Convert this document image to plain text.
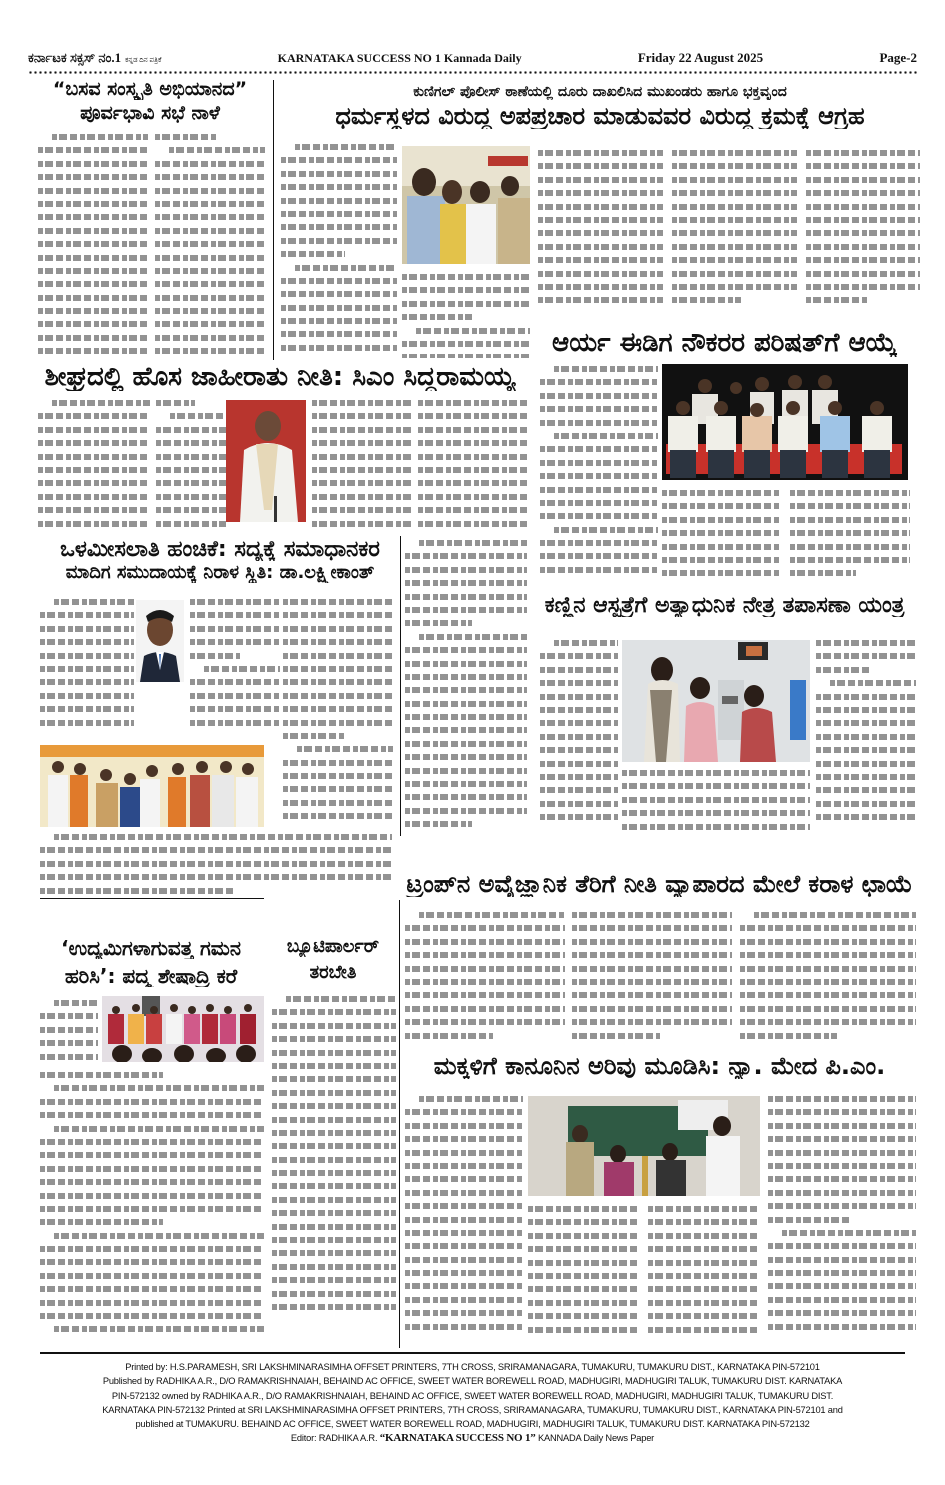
ಕರ್ನಾಟಕ ಸಕ್ಸಸ್ ನಂ.1 ಕನ್ನಡ ದಿನ ಪತ್ರಿಕೆ	KARNATAKA SUCCESS NO 1 Kannada Daily	Friday 22 August 2025	Page-2
“ಬಸವ ಸಂಸ್ಕೃತಿ ಅಭಿಯಾನದ”
ಪೂರ್ವಭಾವಿ ಸಭೆ ನಾಳೆ
ಕುಣಿಗಲ್ ಪೊಲೀಸ್ ಠಾಣೆಯಲ್ಲಿ ದೂರು ದಾಖಲಿಸಿದ ಮುಖಂಡರು ಹಾಗೂ ಭಕ್ತವೃಂದ
ಧರ್ಮಸ್ಥಳದ ವಿರುದ್ಧ ಅಪಪ್ರಚಾರ ಮಾಡುವವರ ವಿರುದ್ಧ ಕ್ರಮಕ್ಕೆ ಆಗ್ರಹ
ಶೀಘ್ರದಲ್ಲಿ ಹೊಸ ಜಾಹೀರಾತು ನೀತಿ: ಸಿಎಂ ಸಿದ್ದರಾಮಯ್ಯ
ಆರ್ಯ ಈಡಿಗ ನೌಕರರ ಪರಿಷತ್‌ಗೆ ಆಯ್ಕೆ
ಒಳಮೀಸಲಾತಿ ಹಂಚಿಕೆ: ಸದ್ಯಕ್ಕೆ ಸಮಾಧಾನಕರ
ಮಾದಿಗ ಸಮುದಾಯಕ್ಕೆ ನಿರಾಳ ಸ್ಥಿತಿ: ಡಾ.ಲಕ್ಷ್ಮೀಕಾಂತ್
ಕಣ್ಣಿನ ಆಸ್ಪತ್ರೆಗೆ ಅತ್ಯಾಧುನಿಕ ನೇತ್ರ ತಪಾಸಣಾ ಯಂತ್ರ
ಟ್ರಂಪ್‌ನ ಅವೈಜ್ಞಾನಿಕ ತೆರಿಗೆ ನೀತಿ ವ್ಯಾಪಾರದ ಮೇಲೆ ಕರಾಳ ಛಾಯೆ
‘ಉದ್ಯಮಿಗಳಾಗುವತ್ತ ಗಮನ
ಹರಿಸಿ’: ಪದ್ಮ ಶೇಷಾದ್ರಿ ಕರೆ
ಬ್ಯೂಟಿಪಾರ್ಲರ್
ತರಬೇತಿ
ಮಕ್ಕಳಿಗೆ ಕಾನೂನಿನ ಅರಿವು ಮೂಡಿಸಿ: ನ್ಯಾ. ಮೇದ ಪಿ.ಎಂ.
Printed by: H.S.PARAMESH, SRI LAKSHMINARASIMHA OFFSET PRINTERS, 7TH CROSS, SRIRAMANAGARA, TUMAKURU, TUMAKURU DIST., KARNATAKA PIN-572101
Published by RADHIKA A.R., D/O RAMAKRISHNAIAH, BEHAIND AC OFFICE, SWEET WATER BOREWELL ROAD, MADHUGIRI, MADHUGIRI TALUK, TUMAKURU DIST. KARNATAKA
PIN-572132 owned by RADHIKA A.R., D/O RAMAKRISHNAIAH, BEHAIND AC OFFICE, SWEET WATER BOREWELL ROAD, MADHUGIRI, MADHUGIRI TALUK, TUMAKURU DIST.
KARNATAKA PIN-572132 Printed at SRI LAKSHMINARASIMHA OFFSET PRINTERS, 7TH CROSS, SRIRAMANAGARA, TUMAKURU, TUMAKURU DIST., KARNATAKA PIN-572101 and
published at TUMAKURU. BEHAIND AC OFFICE, SWEET WATER BOREWELL ROAD, MADHUGIRI, MADHUGIRI TALUK, TUMAKURU DIST. KARNATAKA PIN-572132
Editor: RADHIKA A.R. “KARNATAKA SUCCESS NO 1” KANNADA Daily News Paper
